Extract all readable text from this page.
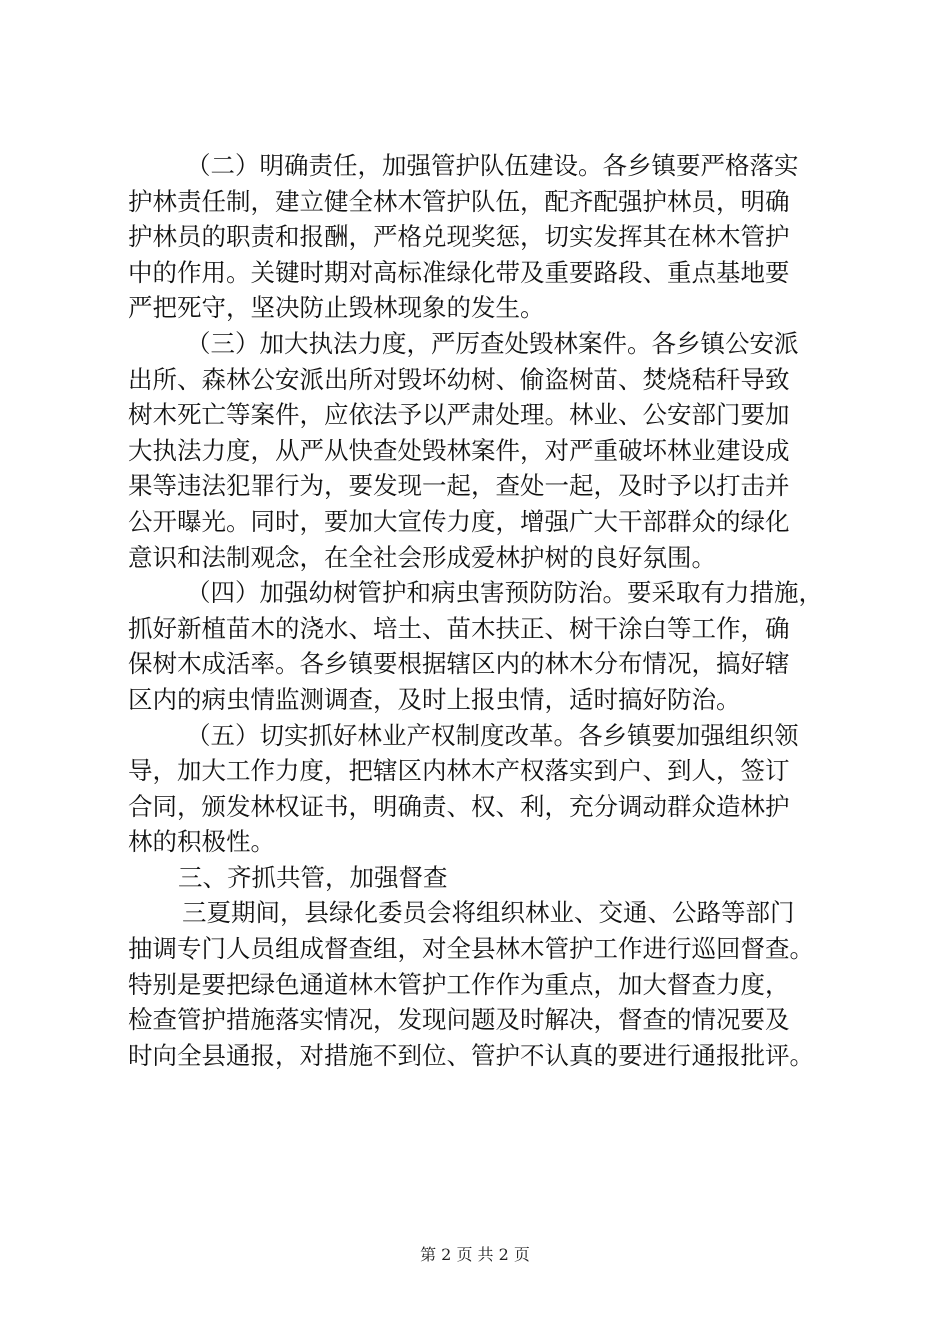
（二）明确责任，加强管护队伍建设。各乡镇要严格落实
护林责任制，建立健全林木管护队伍，配齐配强护林员，明确
护林员的职责和报酬，严格兑现奖惩，切实发挥其在林木管护
中的作用。关键时期对高标准绿化带及重要路段、重点基地要
严把死守，坚决防止毁林现象的发生。
（三）加大执法力度，严厉查处毁林案件。各乡镇公安派
出所、森林公安派出所对毁坏幼树、偷盗树苗、焚烧秸秆导致
树木死亡等案件，应依法予以严肃处理。林业、公安部门要加
大执法力度，从严从快查处毁林案件，对严重破坏林业建设成
果等违法犯罪行为，要发现一起，查处一起，及时予以打击并
公开曝光。同时，要加大宣传力度，增强广大干部群众的绿化
意识和法制观念，在全社会形成爱林护树的良好氛围。
（四）加强幼树管护和病虫害预防防治。要采取有力措施，
抓好新植苗木的浇水、培土、苗木扶正、树干涂白等工作，确
保树木成活率。各乡镇要根据辖区内的林木分布情况，搞好辖
区内的病虫情监测调查，及时上报虫情，适时搞好防治。
（五）切实抓好林业产权制度改革。各乡镇要加强组织领
导，加大工作力度，把辖区内林木产权落实到户、到人，签订
合同，颁发林权证书，明确责、权、利，充分调动群众造林护
林的积极性。
三、齐抓共管，加强督查
三夏期间，县绿化委员会将组织林业、交通、公路等部门
抽调专门人员组成督查组，对全县林木管护工作进行巡回督查。
特别是要把绿色通道林木管护工作作为重点，加大督查力度，
检查管护措施落实情况，发现问题及时解决，督查的情况要及
时向全县通报，对措施不到位、管护不认真的要进行通报批评。
第 2 页 共 2 页
